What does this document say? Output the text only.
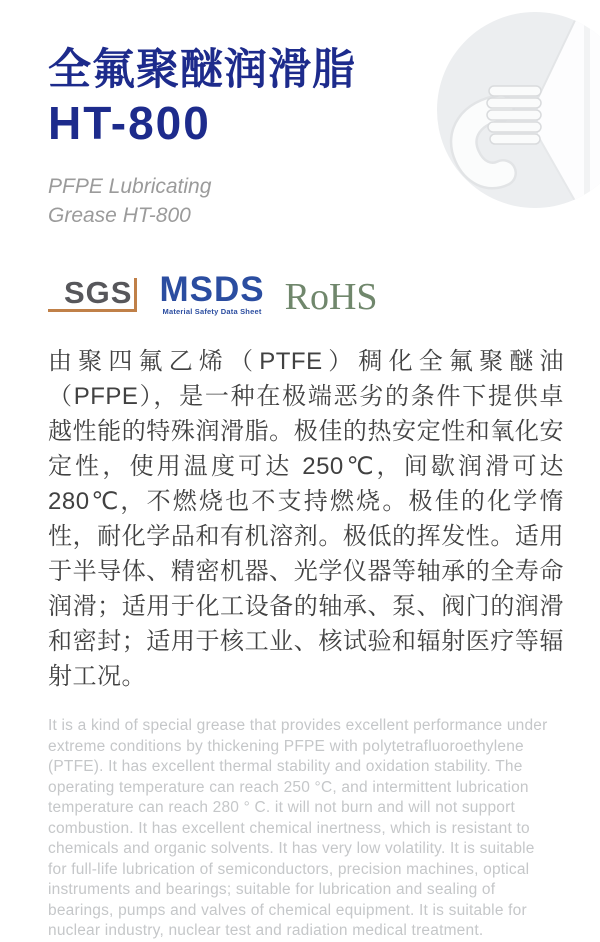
全氟聚醚润滑脂
HT-800
PFPE Lubricating
Grease HT-800
SGS MSDS
Material Safety Data Sheet RoHS

由聚四氟乙烯（PTFE）稠化全氟聚醚油（PFPE），是一种在极端恶劣的条件下提供卓越性能的特殊润滑脂。极佳的热安定性和氧化安定性，使用温度可达 250℃，间歇润滑可达 280℃，不燃烧也不支持燃烧。极佳的化学惰性，耐化学品和有机溶剂。极低的挥发性。适用于半导体、精密机器、光学仪器等轴承的全寿命润滑；适用于化工设备的轴承、泵、阀门的润滑和密封；适用于核工业、核试验和辐射医疗等辐射工况。

It is a kind of special grease that provides excellent performance under extreme conditions by thickening PFPE with polytetrafluoroethylene (PTFE). It has excellent thermal stability and oxidation stability. The operating temperature can reach 250 °C, and intermittent lubrication temperature can reach 280 ° C. it will not burn and will not support combustion. It has excellent chemical inertness, which is resistant to chemicals and organic solvents. It has very low volatility. It is suitable for full-life lubrication of semiconductors, precision machines, optical instruments and bearings; suitable for lubrication and sealing of bearings, pumps and valves of chemical equipment. It is suitable for nuclear industry, nuclear test and radiation medical treatment.
